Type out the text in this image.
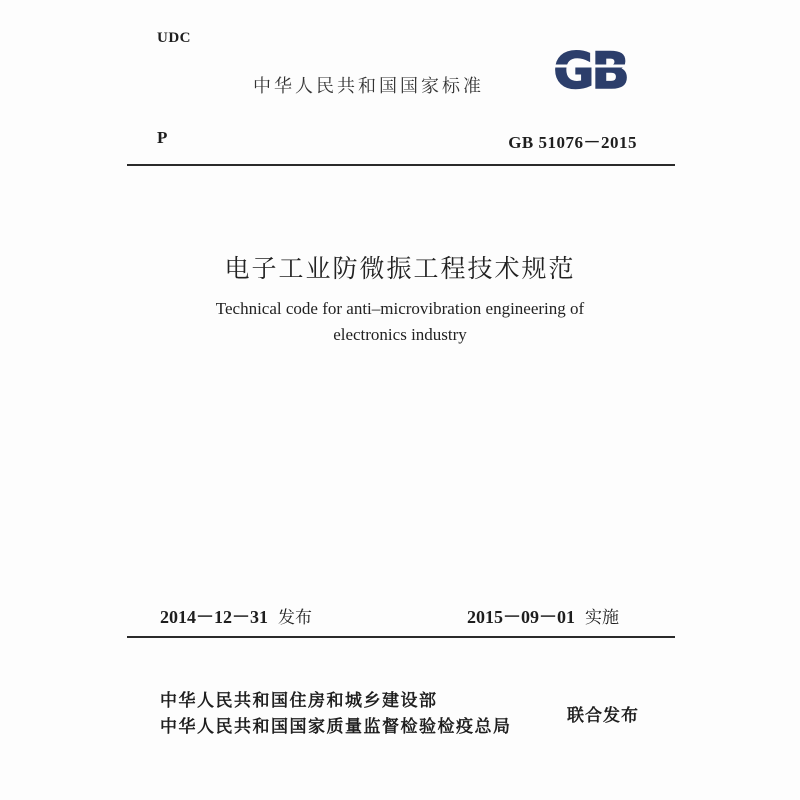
UDC
中华人民共和国国家标准 GB
P	GB 51076－2015
电子工业防微振工程技术规范
Technical code for anti–microvibration engineering of
electronics industry
2014－12－31 发布	2015－09－01 实施
中华人民共和国住房和城乡建设部
中华人民共和国国家质量监督检验检疫总局
联合发布
